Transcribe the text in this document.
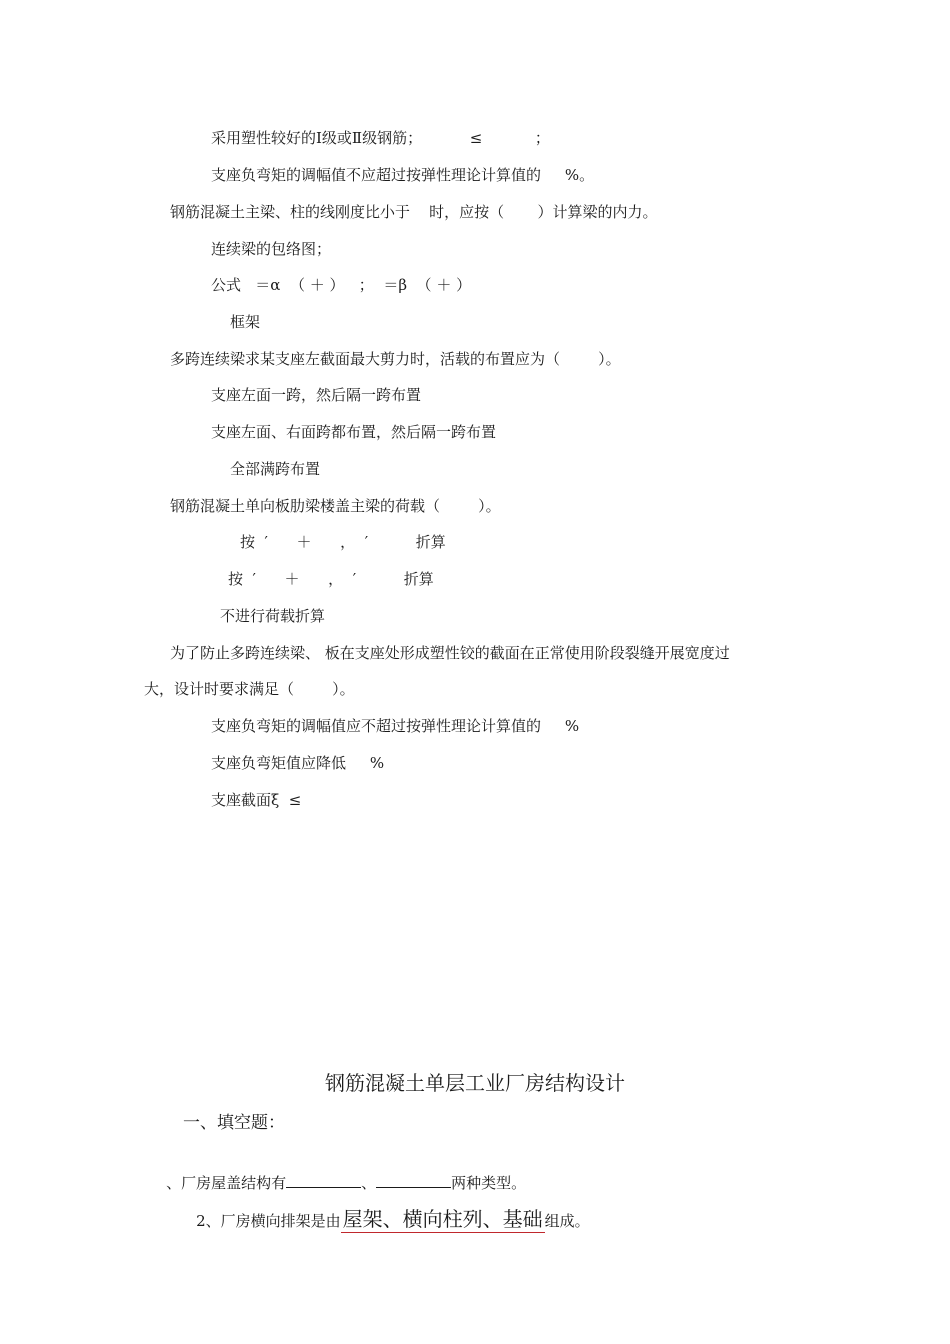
采用塑性较好的Ⅰ级或Ⅱ级钢筋；          ≤           ；
支座负弯矩的调幅值不应超过按弹性理论计算值的     %。
钢筋混凝土主梁、柱的线刚度比小于    时，应按（       ）计算梁的内力。
连续梁的包络图；
公式   ＝α  （ ＋ ）   ；  ＝β  （ ＋ ）
框架
多跨连续梁求某支座左截面最大剪力时，活载的布置应为（        ）。
支座左面一跨，然后隔一跨布置
支座左面、右面跨都布置，然后隔一跨布置
全部满跨布置
钢筋混凝土单向板肋梁楼盖主梁的荷载（        ）。
按  ′      ＋      ，  ′          折算
按  ′      ＋      ，  ′          折算
不进行荷载折算
为了防止多跨连续梁、 板在支座处形成塑性铰的截面在正常使用阶段裂缝开展宽度过
大，设计时要求满足（        ）。
支座负弯矩的调幅值应不超过按弹性理论计算值的     %
支座负弯矩值应降低     %
支座截面ξ  ≤
钢筋混凝土单层工业厂房结构设计
一、填空题：

、厂房屋盖结构有	、	两种类型。

2、厂房横向排架是由 屋架、横向柱列、基础 组成。
